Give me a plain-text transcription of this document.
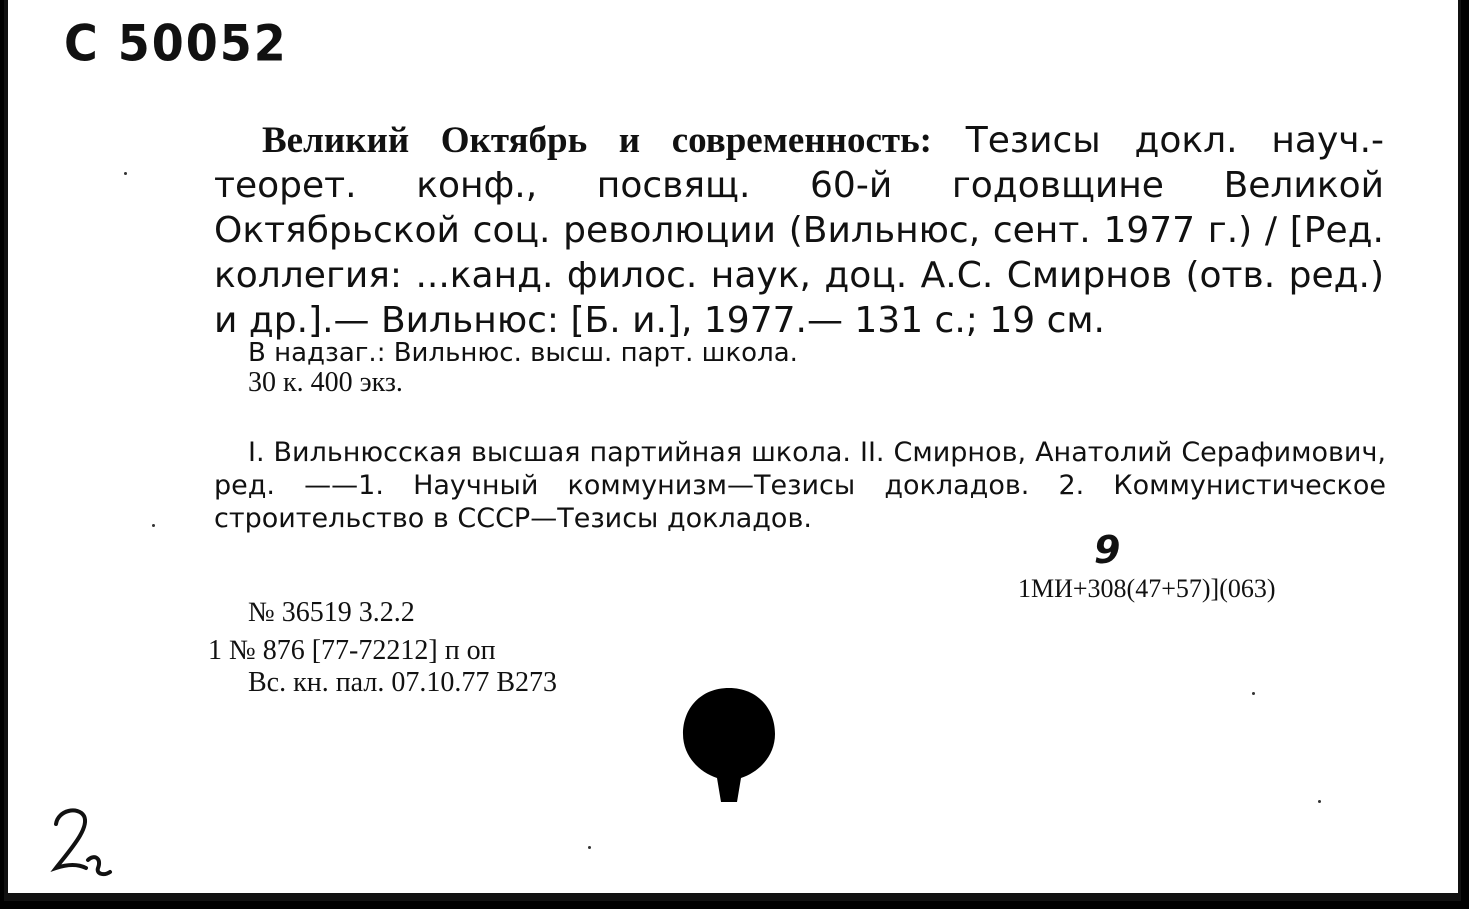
C 50052
Великий Октябрь и современность: Тезисы докл. науч.-теорет. конф., посвящ. 60-й годовщине Великой Октябрьской соц. революции (Вильнюс, сент. 1977 г.) / [Ред. коллегия: ...канд. филос. наук, доц. А.С. Смирнов (отв. ред.) и др.].— Вильнюс: [Б. и.], 1977.— 131 с.; 19 см.
В надзаг.: Вильнюс. высш. парт. школа.
30 к. 400 экз.
I. Вильнюсская высшая партийная школа. II. Смирнов, Анатолий Серафимович, ред. ——1. Научный коммунизм—Тезисы докладов. 2. Коммунистическое строительство в СССР—Тезисы докладов.
9
1МИ+308(47+57)](063)
№ 36519 3.2.2
1 № 876 [77-72212] п оп
Вс. кн. пал. 07.10.77 В273
2
